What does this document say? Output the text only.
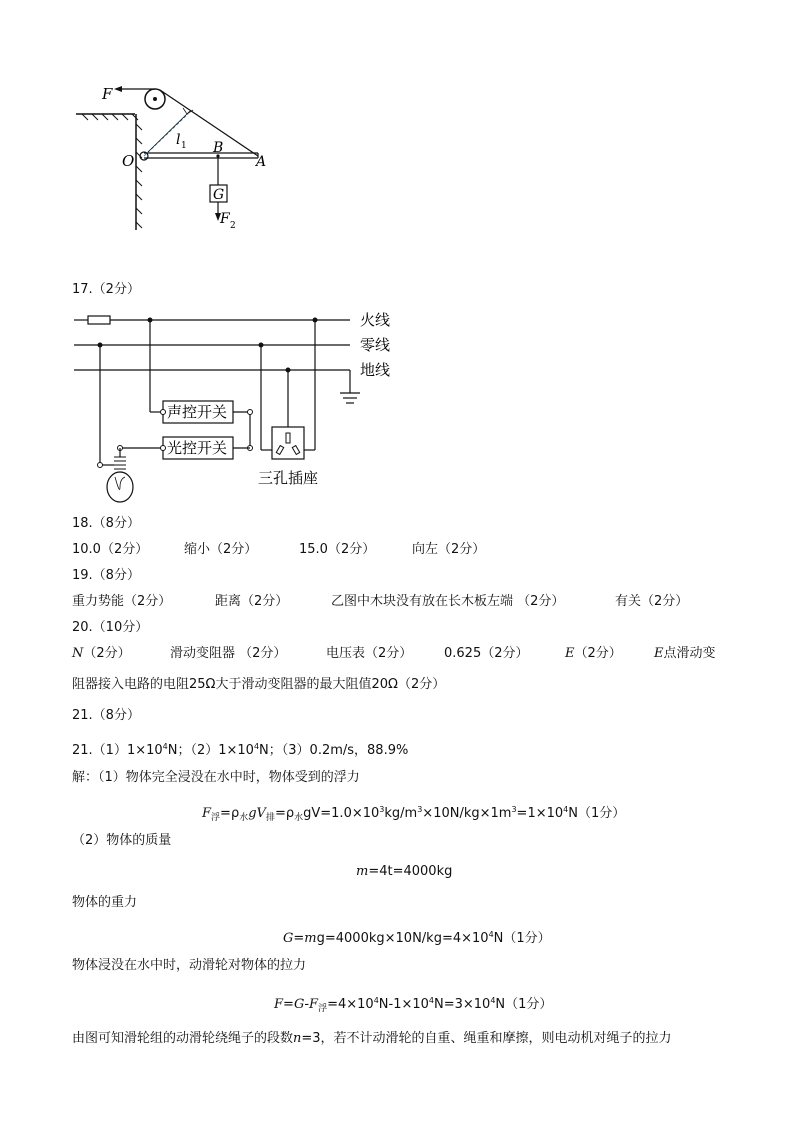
F
l 1
O
B
A
G
F 2
17.（2分）
声控开关
光控开关
三孔插座
火线
零线
地线
18.（8分）
10.0（2分）	缩小（2分）	15.0（2分）	向左（2分）
19.（8分）
重力势能（2分）	距离（2分）	乙图中木块没有放在长木板左端 （2分）	有关（2分）
20.（10分）
N（2分）	滑动变阻器 （2分）	电压表（2分） 0.625（2分）	E（2分） E点滑动变
阻器接入电路的电阻25Ω大于滑动变阻器的最大阻值20Ω（2分）
21.（8分）
$21.(1)1\times 10^4N$；$(2)1\times 10^4N$；（3）0.2m/s，88.9%
解：（1）物体完全浸没在水中时，物体受到的浮力
$F_浮=\rho_水gV_排=\rho_水gV=1.0\times 10^3kg/m^3\times 10N/kg\times 1m^3=1\times 10^4N(1$分）
（2）物体的质量
m=4t=4000kg
物体的重力
$G=mg=4000kg\times 10N/kg=4\times 10^4N(1$分）
物体浸没在水中时，动滑轮对物体的拉力
$F=G-F_浮=4\times 10^4N-1\times 10^4N=3\times 10^4N(1$分）
由图可知滑轮组的动滑轮绕绳子的段数n=3，若不计动滑轮的自重、绳重和摩擦，则电动机对绳子的拉力
